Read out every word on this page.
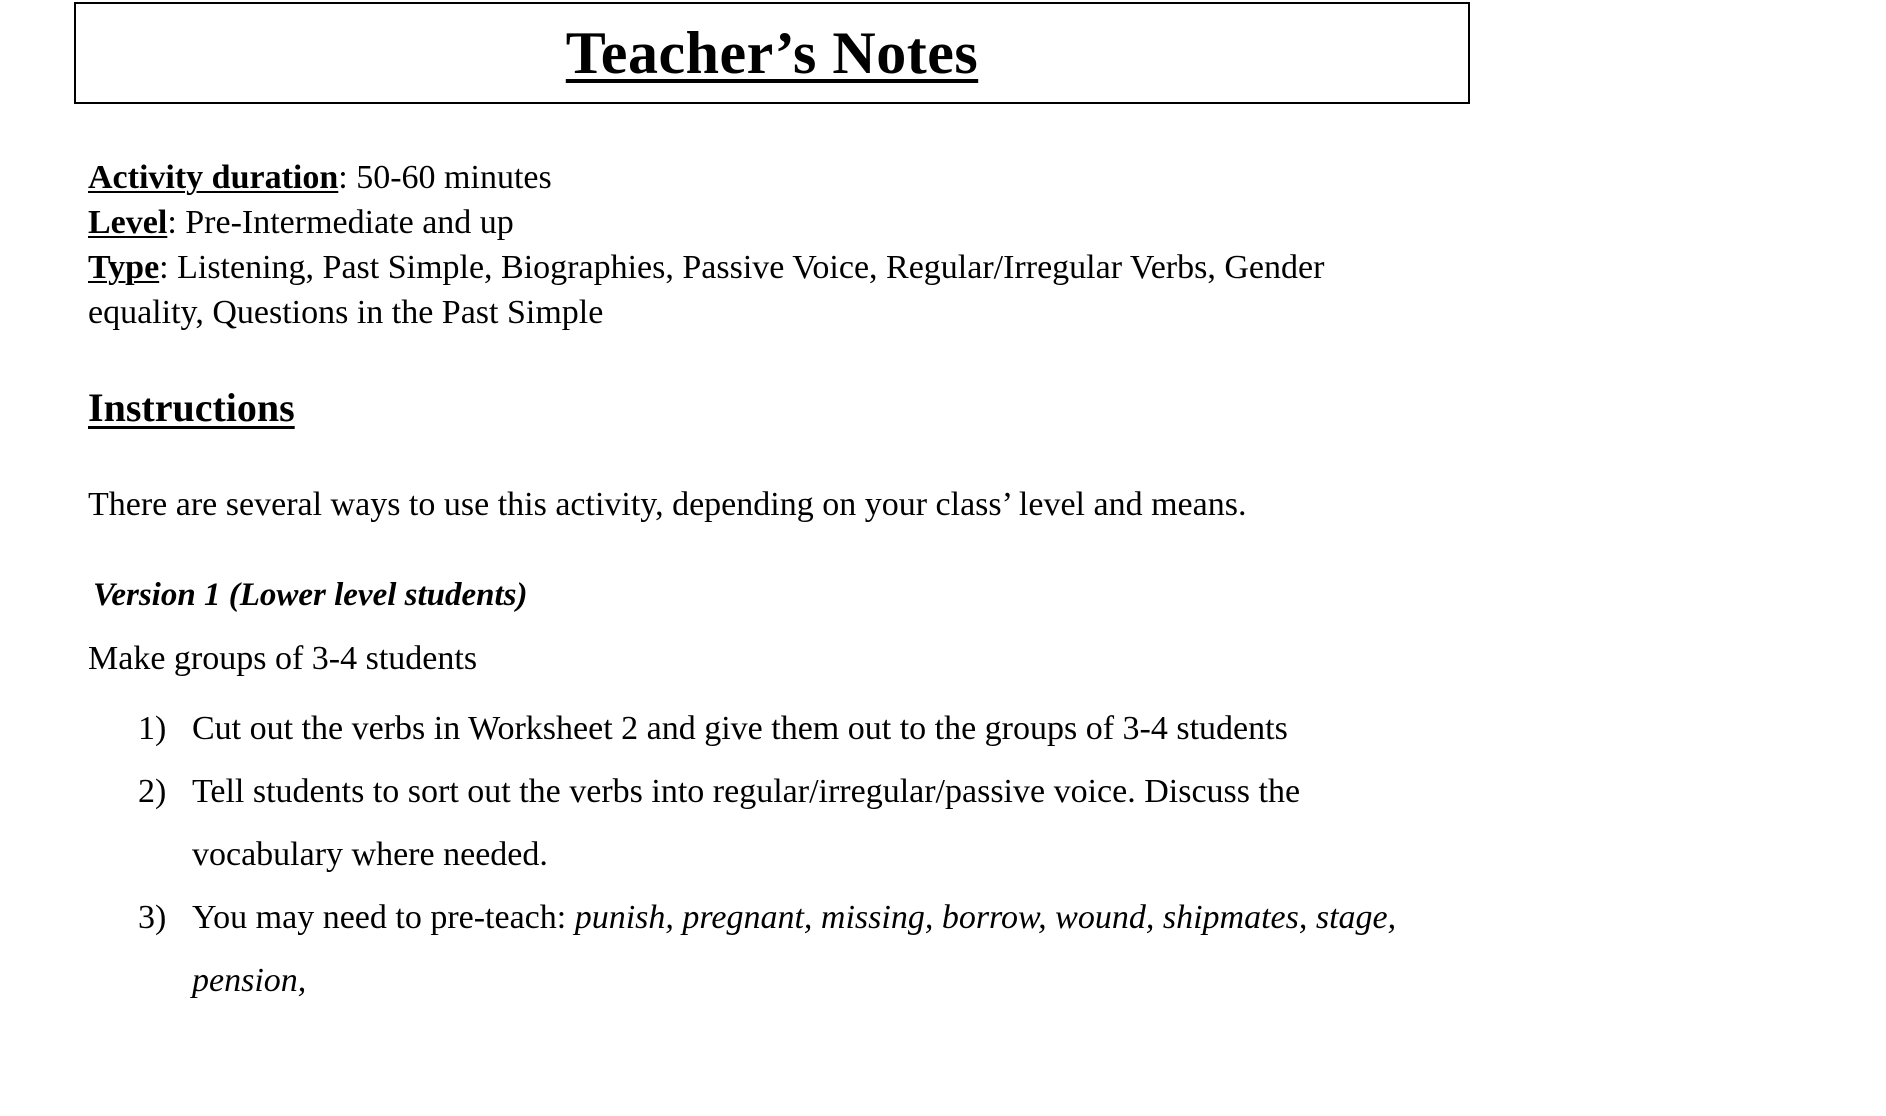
Teacher’s Notes
Activity duration: 50-60 minutes
Level: Pre-Intermediate and up
Type: Listening, Past Simple, Biographies, Passive Voice, Regular/Irregular Verbs, Gender equality, Questions in the Past Simple
Instructions
There are several ways to use this activity, depending on your class’ level and means.
Version 1 (Lower level students)
Make groups of 3-4 students
1) Cut out the verbs in Worksheet 2 and give them out to the groups of 3-4 students
2) Tell students to sort out the verbs into regular/irregular/passive voice. Discuss the vocabulary where needed.
3) You may need to pre-teach: punish, pregnant, missing, borrow, wound, shipmates, stage, pension,
